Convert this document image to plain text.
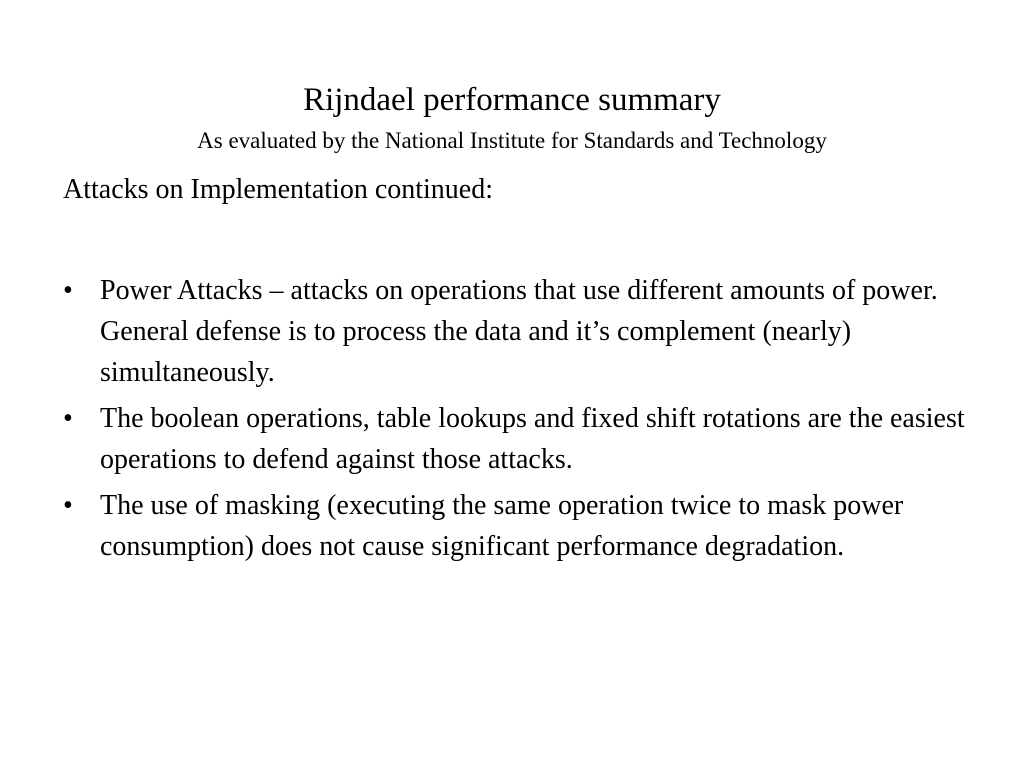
Rijndael performance summary
As evaluated by the National Institute for Standards and Technology
Attacks on Implementation continued:
• Power Attacks – attacks on operations that use different amounts of power. General defense is to process the data and it’s complement (nearly) simultaneously.
• The boolean operations, table lookups and fixed shift rotations are the easiest operations to defend against those attacks.
• The use of masking (executing the same operation twice to mask power consumption) does not cause significant performance degradation.
